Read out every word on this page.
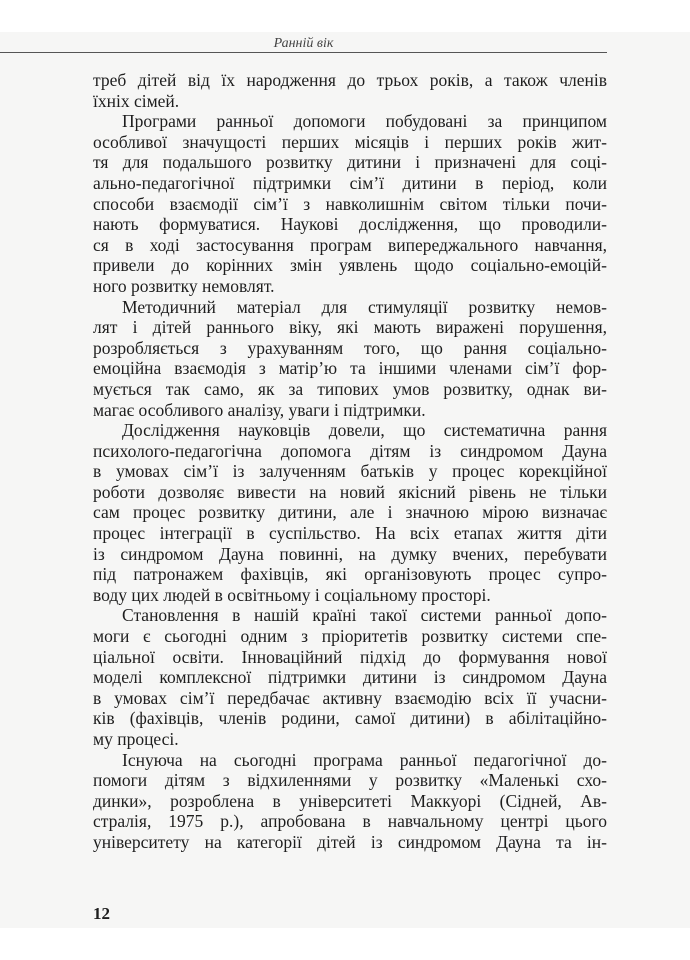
Ранній вік
треб дітей від їх народження до трьох років, а також членів
їхніх сімей.
Програми ранньої допомоги побудовані за принципом
особливої значущості перших місяців і перших років жит-
тя для подальшого розвитку дитини і призначені для соці-
ально-педагогічної підтримки сім’ї дитини в період, коли
способи взаємодії сім’ї з навколишнім світом тільки почи-
нають формуватися. Наукові дослідження, що проводили-
ся в ході застосування програм випереджального навчання,
привели до корінних змін уявлень щодо соціально-емоцій-
ного розвитку немовлят.
Методичний матеріал для стимуляції розвитку немов-
лят і дітей раннього віку, які мають виражені порушення,
розробляється з урахуванням того, що рання соціально-
емоційна взаємодія з матір’ю та іншими членами сім’ї фор-
мується так само, як за типових умов розвитку, однак ви-
магає особливого аналізу, уваги і підтримки.
Дослідження науковців довели, що систематична рання
психолого-педагогічна допомога дітям із синдромом Дауна
в умовах сім’ї із залученням батьків у процес корекційної
роботи дозволяє вивести на новий якісний рівень не тільки
сам процес розвитку дитини, але і значною мірою визначає
процес інтеграції в суспільство. На всіх етапах життя діти
із синдромом Дауна повинні, на думку вчених, перебувати
під патронажем фахівців, які організовують процес супро-
воду цих людей в освітньому і соціальному просторі.
Становлення в нашій країні такої системи ранньої допо-
моги є сьогодні одним з пріоритетів розвитку системи спе-
ціальної освіти. Інноваційний підхід до формування нової
моделі комплексної підтримки дитини із синдромом Дауна
в умовах сім’ї передбачає активну взаємодію всіх її учасни-
ків (фахівців, членів родини, самої дитини) в абілітаційно-
му процесі.
Існуюча на сьогодні програма ранньої педагогічної до-
помоги дітям з відхиленнями у розвитку «Маленькі схо-
динки», розроблена в університеті Маккуорі (Сідней, Ав-
стралія, 1975 р.), апробована в навчальному центрі цього
університету на категорії дітей із синдромом Дауна та ін-
12
